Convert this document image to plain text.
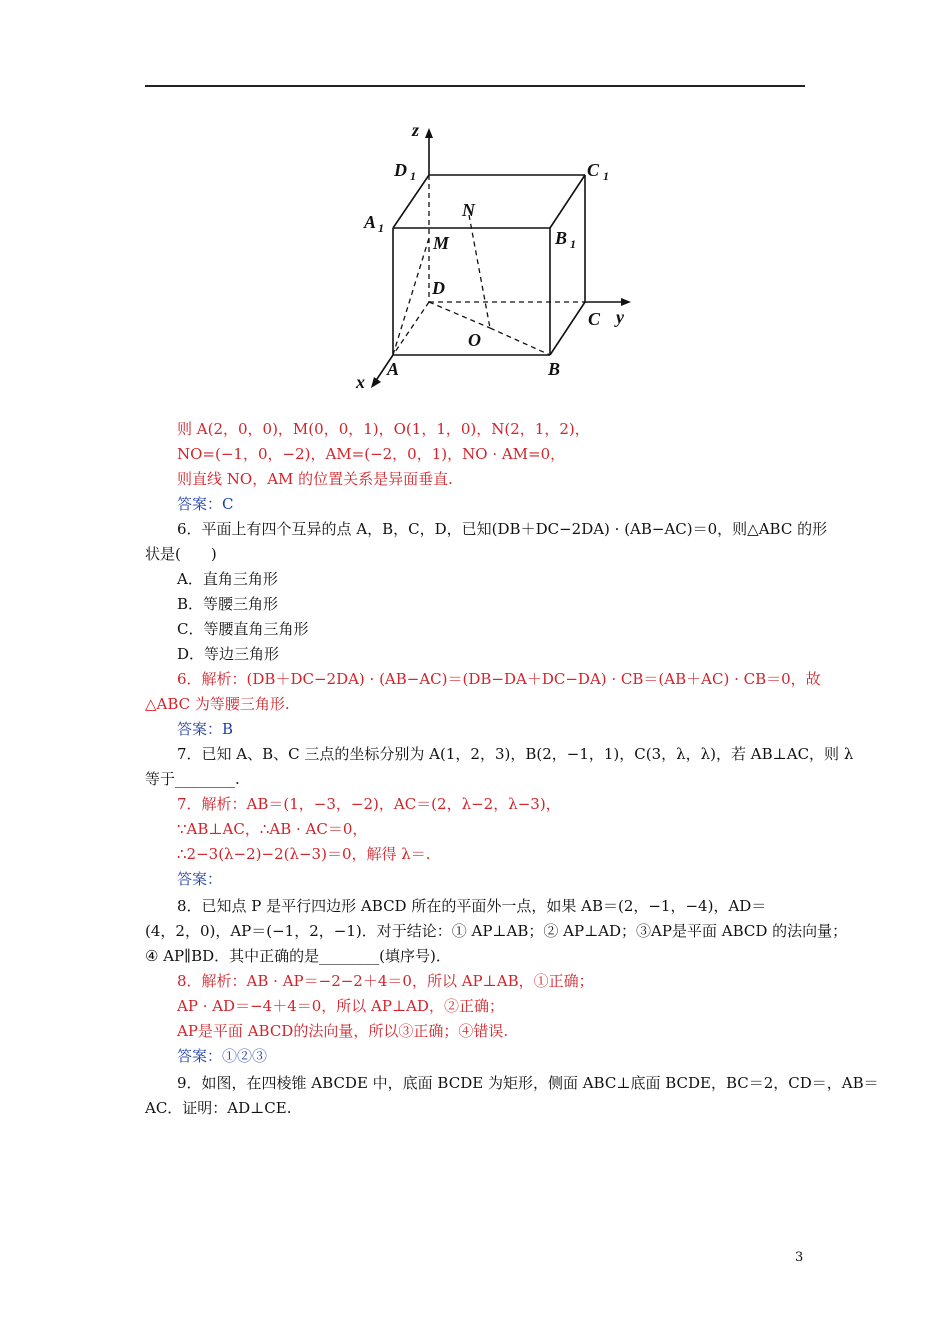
z
y
x
D 1	C 1
A 1	B 1
N
M
D
C
O
A	B
则 A(2，0，0)，M(0，0，1)，O(1，1，0)，N(2，1，2)，
NO=(−1，0，−2)，AM=(−2，0，1)，NO · AM=0，
则直线 NO，AM 的位置关系是异面垂直.
答案：C
6．平面上有四个互异的点 A，B，C，D，已知(DB＋DC−2DA) · (AB−AC)＝0，则△ABC 的形
状是(　　)
A．直角三角形
B．等腰三角形
C．等腰直角三角形
D．等边三角形
6．解析：(DB＋DC−2DA) · (AB−AC)＝(DB−DA＋DC−DA) · CB＝(AB＋AC) · CB＝0，故
△ABC 为等腰三角形.
答案：B
7．已知 A、B、C 三点的坐标分别为 A(1，2，3)，B(2，−1，1)，C(3，λ，λ)，若 AB⊥AC，则 λ
等于________.
7．解析：AB＝(1，−3，−2)，AC＝(2，λ−2，λ−3)，
∵AB⊥AC，∴AB · AC＝0，
∴2−3(λ−2)−2(λ−3)＝0，解得 λ＝.
答案：
8．已知点 P 是平行四边形 ABCD 所在的平面外一点，如果 AB＝(2，−1，−4)，AD＝
(4，2，0)，AP＝(−1，2，−1)．对于结论：① AP⊥AB；② AP⊥AD；③AP是平面 ABCD 的法向量；
④ AP∥BD．其中正确的是________(填序号)．
8．解析：AB · AP＝−2−2＋4＝0，所以 AP⊥AB，①正确；
AP · AD＝−4＋4＝0，所以 AP⊥AD，②正确；
AP是平面 ABCD的法向量，所以③正确；④错误.
答案：①②③
9．如图，在四棱锥 ABCDE 中，底面 BCDE 为矩形，侧面 ABC⊥底面 BCDE，BC＝2，CD＝，AB＝
AC．证明：AD⊥CE.
3
